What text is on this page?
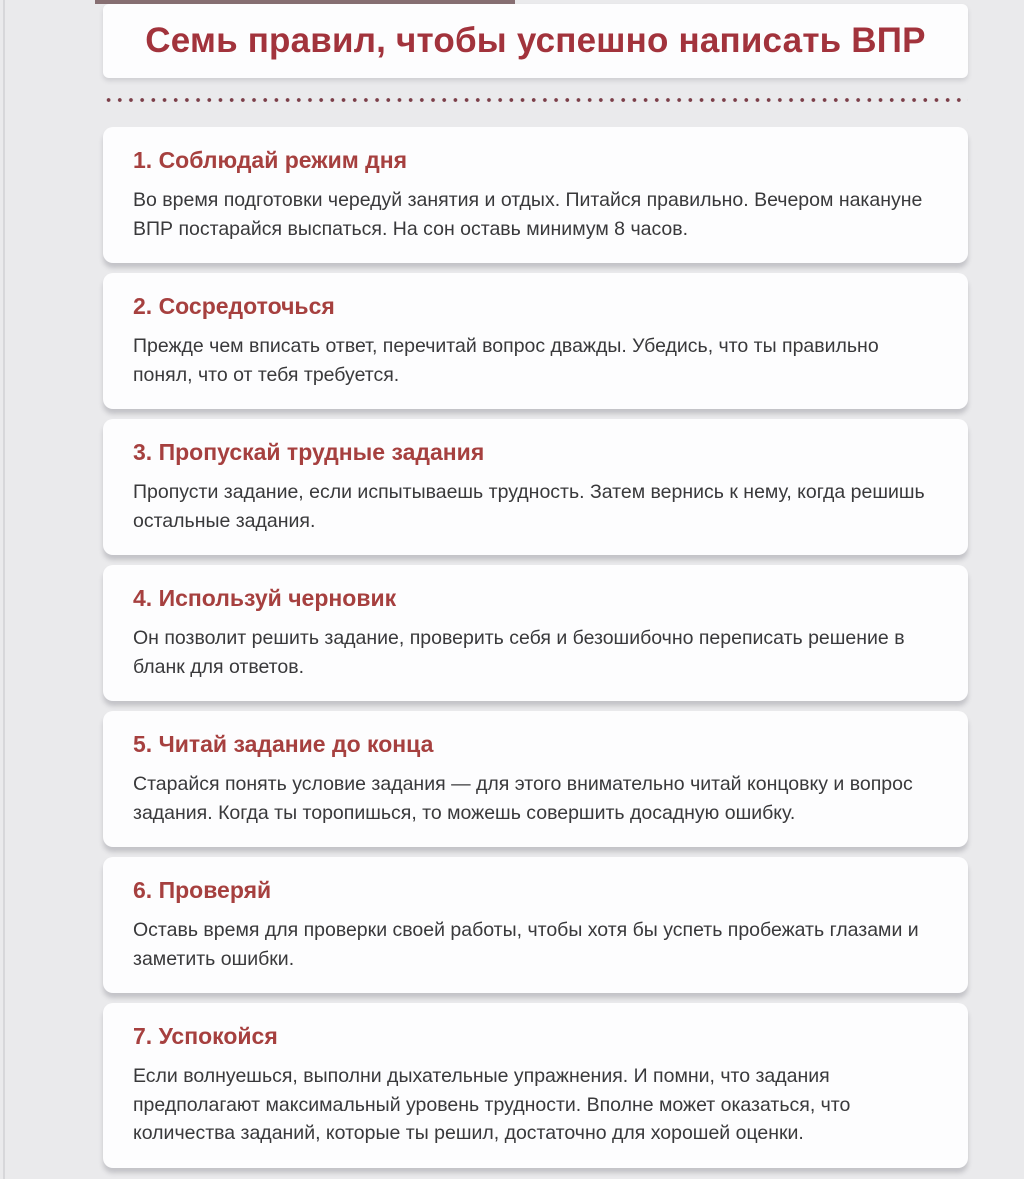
Семь правил, чтобы успешно написать ВПР
1. Соблюдай режим дня

Во время подготовки чередуй занятия и отдых. Питайся правильно. Вечером накануне ВПР постарайся выспаться. На сон оставь минимум 8 часов.

2. Сосредоточься

Прежде чем вписать ответ, перечитай вопрос дважды. Убедись, что ты правильно понял, что от тебя требуется.

3. Пропускай трудные задания

Пропусти задание, если испытываешь трудность. Затем вернись к нему, когда решишь остальные задания.

4. Используй черновик

Он позволит решить задание, проверить себя и безошибочно переписать решение в бланк для ответов.

5. Читай задание до конца

Старайся понять условие задания — для этого внимательно читай концовку и вопрос задания. Когда ты торопишься, то можешь совершить досадную ошибку.

6. Проверяй

Оставь время для проверки своей работы, чтобы хотя бы успеть пробежать глазами и заметить ошибки.

7. Успокойся

Если волнуешься, выполни дыхательные упражнения. И помни, что задания предполагают максимальный уровень трудности. Вполне может оказаться, что количества заданий, которые ты решил, достаточно для хорошей оценки.
